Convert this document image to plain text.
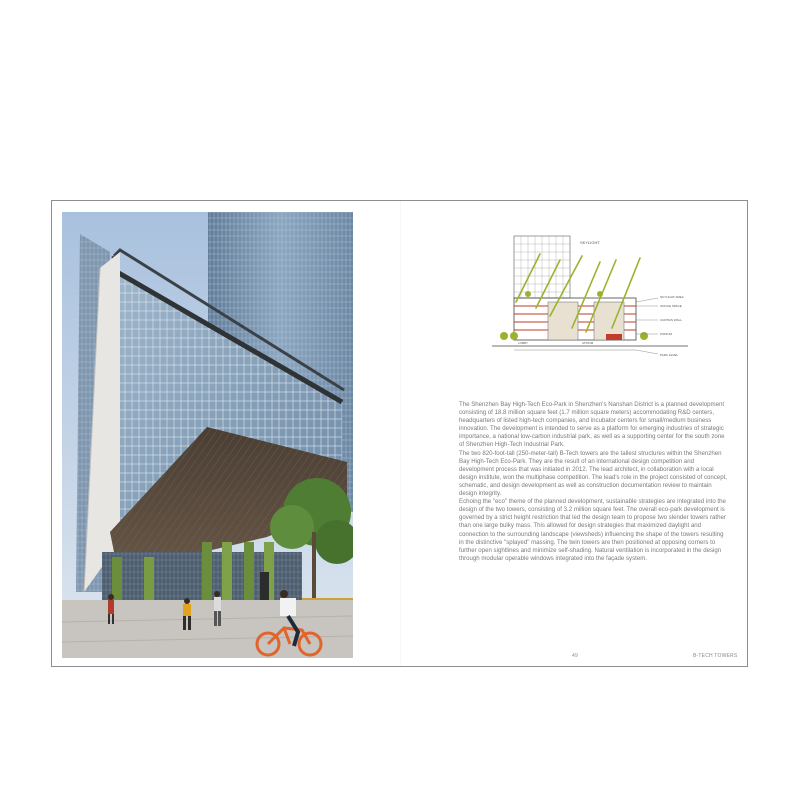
SKYLIGHT
SKYLIGHT AREA
OFFICE SPACE
CURTAIN WALL
PODIUM
LOBBY	ATRIUM
PARK LEVEL

The Shenzhen Bay High-Tech Eco-Park in Shenzhen's Nanshan District is a planned development consisting of 18.8 million square feet (1.7 million square meters) accommodating R&D centers, headquarters of listed high-tech companies, and incubator centers for small/medium business innovation. The development is intended to serve as a platform for emerging industries of strategic importance, a national low-carbon industrial park, as well as a supporting center for the south zone of Shenzhen High-Tech Industrial Park.

The two 820-foot-tall (250-meter-tall) B-Tech towers are the tallest structures within the Shenzhen Bay High-Tech Eco-Park. They are the result of an international design competition and development process that was initiated in 2012. The lead architect, in collaboration with a local design institute, won the multiphase competition. The lead's role in the project consisted of concept, schematic, and design development as well as construction documentation review to maintain design integrity.

Echoing the "eco" theme of the planned development, sustainable strategies are integrated into the design of the two towers, consisting of 3.2 million square feet. The overall eco-park development is governed by a strict height restriction that led the design team to propose two slender towers rather than one large bulky mass. This allowed for design strategies that maximized daylight and connection to the surrounding landscape (viewsheds) influencing the shape of the towers resulting in the distinctive "splayed" massing. The twin towers are then positioned at opposing corners to further open sightlines and minimize self-shading. Natural ventilation is incorporated in the design through modular operable windows integrated into the façade system.

49	B-TECH TOWERS
